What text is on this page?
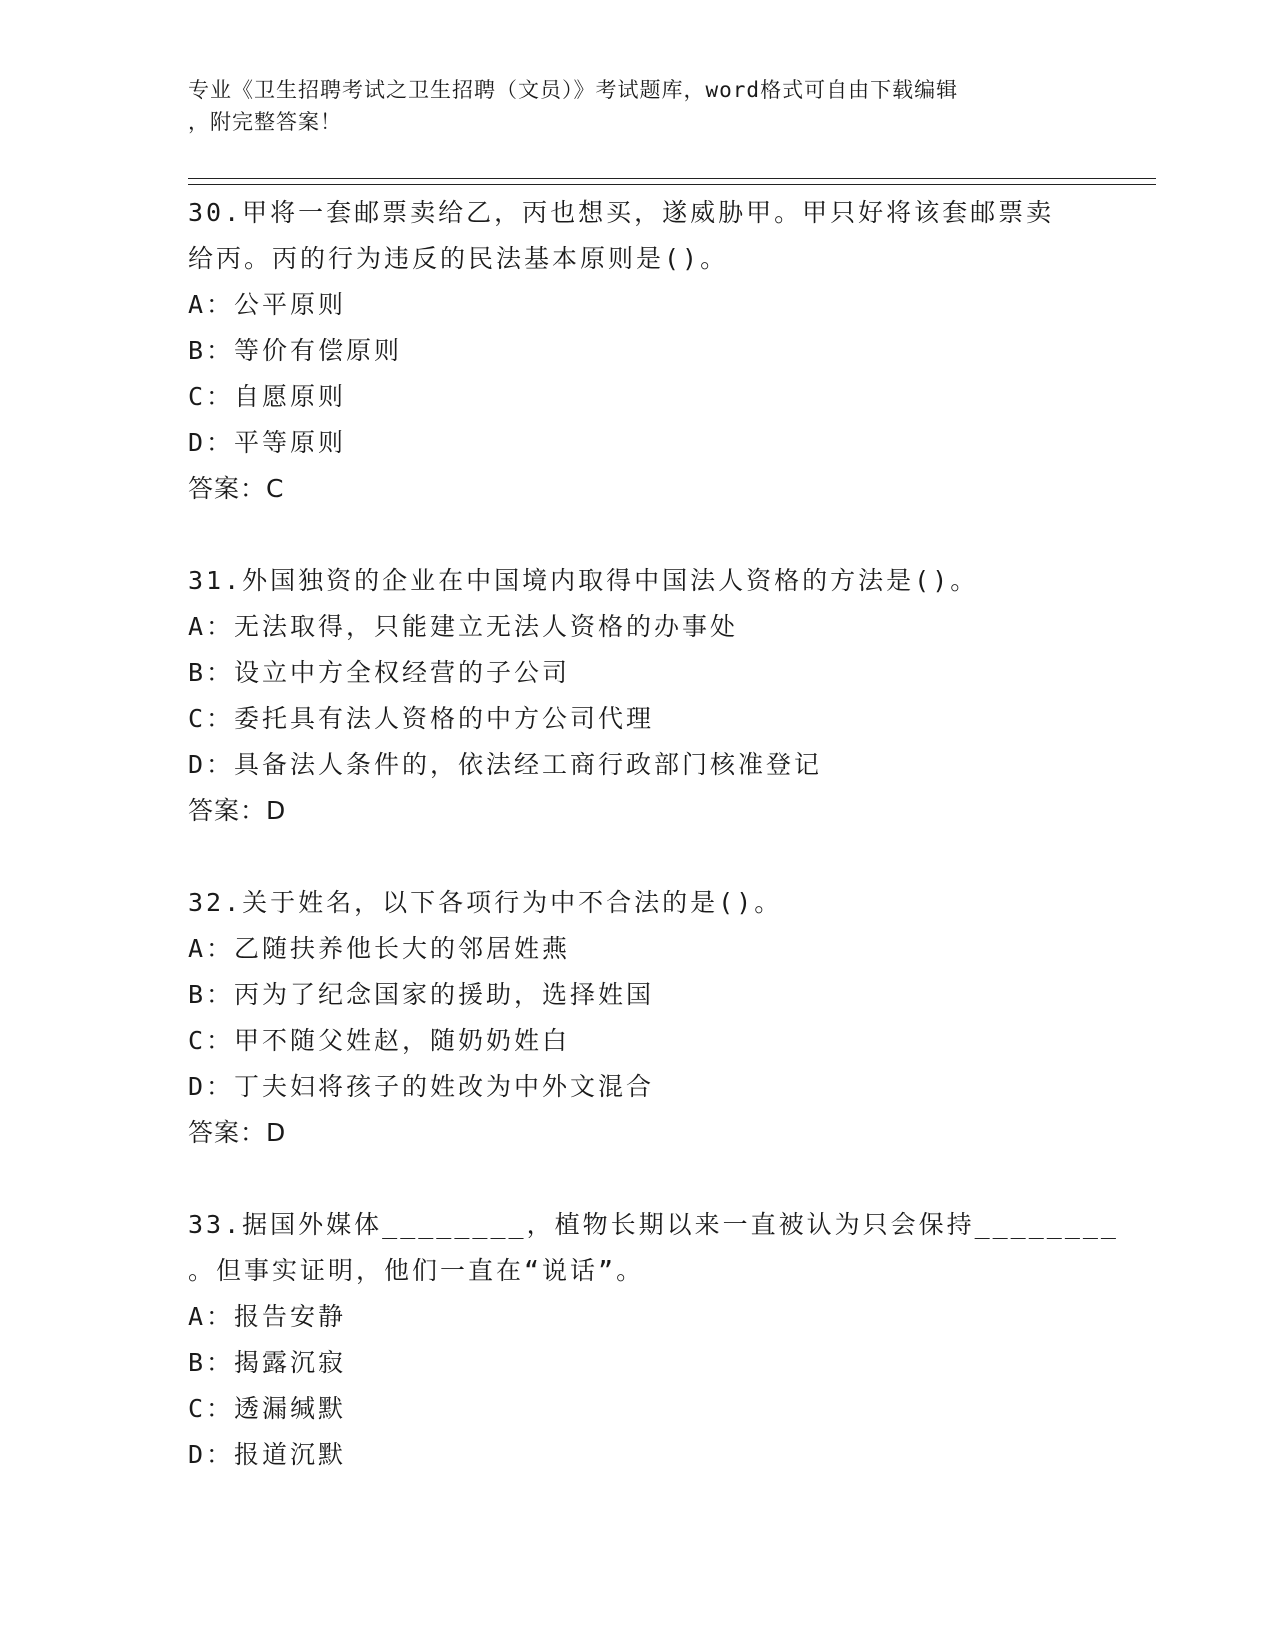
专业《卫生招聘考试之卫生招聘（文员）》考试题库，word格式可自由下载编辑
，附完整答案！
30.甲将一套邮票卖给乙，丙也想买，遂威胁甲。甲只好将该套邮票卖
给丙。丙的行为违反的民法基本原则是()。
A：公平原则
B：等价有偿原则
C：自愿原则
D：平等原则
答案：C
31.外国独资的企业在中国境内取得中国法人资格的方法是()。
A：无法取得，只能建立无法人资格的办事处
B：设立中方全权经营的子公司
C：委托具有法人资格的中方公司代理
D：具备法人条件的，依法经工商行政部门核准登记
答案：D
32.关于姓名，以下各项行为中不合法的是()。
A：乙随扶养他长大的邻居姓燕
B：丙为了纪念国家的援助，选择姓国
C：甲不随父姓赵，随奶奶姓白
D：丁夫妇将孩子的姓改为中外文混合
答案：D
33.据国外媒体________，植物长期以来一直被认为只会保持________
。但事实证明，他们一直在“说话”。
A：报告安静
B：揭露沉寂
C：透漏缄默
D：报道沉默
